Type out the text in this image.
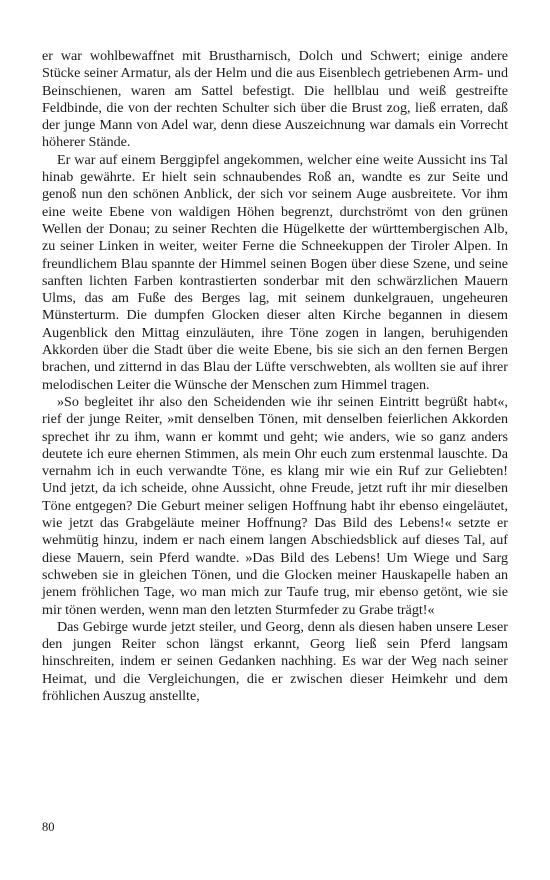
er war wohlbewaffnet mit Brustharnisch, Dolch und Schwert; einige andere Stücke seiner Armatur, als der Helm und die aus Eisenblech getriebenen Arm- und Beinschienen, waren am Sattel befestigt. Die hellblau und weiß gestreifte Feldbinde, die von der rechten Schulter sich über die Brust zog, ließ erraten, daß der junge Mann von Adel war, denn diese Auszeichnung war damals ein Vorrecht höherer Stände.

Er war auf einem Berggipfel angekommen, welcher eine weite Aussicht ins Tal hinab gewährte. Er hielt sein schnaubendes Roß an, wandte es zur Seite und genoß nun den schönen Anblick, der sich vor seinem Auge ausbreitete. Vor ihm eine weite Ebene von waldigen Höhen begrenzt, durchströmt von den grünen Wellen der Donau; zu seiner Rechten die Hügelkette der württembergischen Alb, zu seiner Linken in weiter, weiter Ferne die Schneekuppen der Tiroler Alpen. In freundlichem Blau spannte der Himmel seinen Bogen über diese Szene, und seine sanften lichten Farben kontrastierten sonderbar mit den schwärzlichen Mauern Ulms, das am Fuße des Berges lag, mit seinem dunkelgrauen, ungeheuren Münsterturm. Die dumpfen Glocken dieser alten Kirche begannen in diesem Augenblick den Mittag einzuläuten, ihre Töne zogen in langen, beruhigenden Akkorden über die Stadt über die weite Ebene, bis sie sich an den fernen Bergen brachen, und zitternd in das Blau der Lüfte verschwebten, als wollten sie auf ihrer melodischen Leiter die Wünsche der Menschen zum Himmel tragen.

»So begleitet ihr also den Scheidenden wie ihr seinen Eintritt begrüßt habt«, rief der junge Reiter, »mit denselben Tönen, mit denselben feierlichen Akkorden sprechet ihr zu ihm, wann er kommt und geht; wie anders, wie so ganz anders deutete ich eure ehernen Stimmen, als mein Ohr euch zum erstenmal lauschte. Da vernahm ich in euch verwandte Töne, es klang mir wie ein Ruf zur Geliebten! Und jetzt, da ich scheide, ohne Aussicht, ohne Freude, jetzt ruft ihr mir dieselben Töne entgegen? Die Geburt meiner seligen Hoffnung habt ihr ebenso eingeläutet, wie jetzt das Grabgeläute meiner Hoffnung? Das Bild des Lebens!« setzte er wehmütig hinzu, indem er nach einem langen Abschiedsblick auf dieses Tal, auf diese Mauern, sein Pferd wandte. »Das Bild des Lebens! Um Wiege und Sarg schweben sie in gleichen Tönen, und die Glocken meiner Hauskapelle haben an jenem fröhlichen Tage, wo man mich zur Taufe trug, mir ebenso getönt, wie sie mir tönen werden, wenn man den letzten Sturmfeder zu Grabe trägt!«

Das Gebirge wurde jetzt steiler, und Georg, denn als diesen haben unsere Leser den jungen Reiter schon längst erkannt, Georg ließ sein Pferd langsam hinschreiten, indem er seinen Gedanken nachhing. Es war der Weg nach seiner Heimat, und die Vergleichungen, die er zwischen dieser Heimkehr und dem fröhlichen Auszug anstellte,

80
